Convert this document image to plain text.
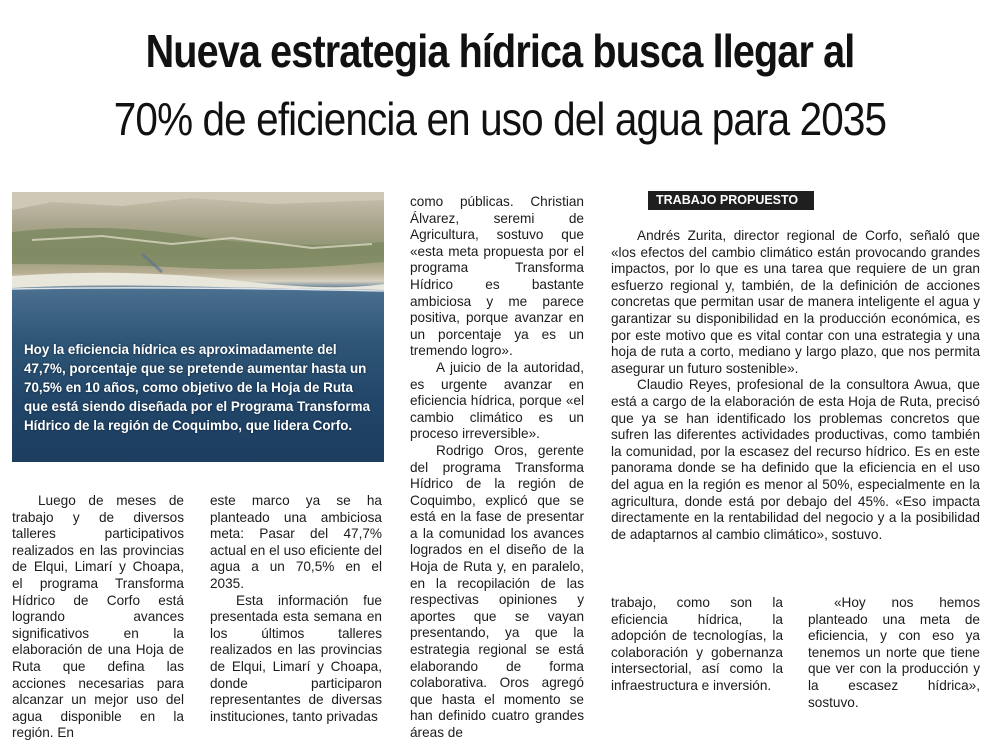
Nueva estrategia hídrica busca llegar al
70% de eficiencia en uso del agua para 2035
Hoy la eficiencia hídrica es aproximadamente del 47,7%, porcentaje que se pretende aumentar hasta un 70,5% en 10 años, como objetivo de la Hoja de Ruta que está siendo diseñada por el Programa Transforma Hídrico de la región de Coquimbo, que lidera Corfo.
TRABAJO PROPUESTO

Luego de meses de trabajo y de diversos talleres participativos realizados en las provincias de Elqui, Limarí y Choapa, el programa Transforma Hídrico de Corfo está logrando avances significativos en la elaboración de una Hoja de Ruta que defina las acciones necesarias para alcanzar un mejor uso del agua disponible en la región. En

este marco ya se ha planteado una ambiciosa meta: Pasar del 47,7% actual en el uso eficiente del agua a un 70,5% en el 2035.

Esta información fue presentada esta semana en los últimos talleres realizados en las provincias de Elqui, Limarí y Choapa, donde participaron representantes de diversas instituciones, tanto privadas

como públicas. Christian Álvarez, seremi de Agricultura, sostuvo que «esta meta propuesta por el programa Transforma Hídrico es bastante ambiciosa y me parece positiva, porque avanzar en un porcentaje ya es un tremendo logro».

A juicio de la autoridad, es urgente avanzar en eficiencia hídrica, porque «el cambio climático es un proceso irreversible».

Rodrigo Oros, gerente del programa Transforma Hídrico de la región de Coquimbo, explicó que se está en la fase de presentar a la comunidad los avances logrados en el diseño de la Hoja de Ruta y, en paralelo, en la recopilación de las respectivas opiniones y aportes que se vayan presentando, ya que la estrategia regional se está elaborando de forma colaborativa. Oros agregó que hasta el momento se han definido cuatro grandes áreas de

Andrés Zurita, director regional de Corfo, señaló que «los efectos del cambio climático están provocando grandes impactos, por lo que es una tarea que requiere de un gran esfuerzo regional y, también, de la definición de acciones concretas que permitan usar de manera inteligente el agua y garantizar su disponibilidad en la producción económica, es por este motivo que es vital contar con una estrategia y una hoja de ruta a corto, mediano y largo plazo, que nos permita asegurar un futuro sostenible».

Claudio Reyes, profesional de la consultora Awua, que está a cargo de la elaboración de esta Hoja de Ruta, precisó que ya se han identificado los problemas concretos que sufren las diferentes actividades productivas, como también la comunidad, por la escasez del recurso hídrico. Es en este panorama donde se ha definido que la eficiencia en el uso del agua en la región es menor al 50%, especialmente en la agricultura, donde está por debajo del 45%. «Eso impacta directamente en la rentabilidad del negocio y a la posibilidad de adaptarnos al cambio climático», sostuvo.

trabajo, como son la eficiencia hídrica, la adopción de tecnologías, la colaboración y gobernanza intersectorial, así como la infraestructura e inversión.

«Hoy nos hemos planteado una meta de eficiencia, y con eso ya tenemos un norte que tiene que ver con la producción y la escasez hídrica», sostuvo.
